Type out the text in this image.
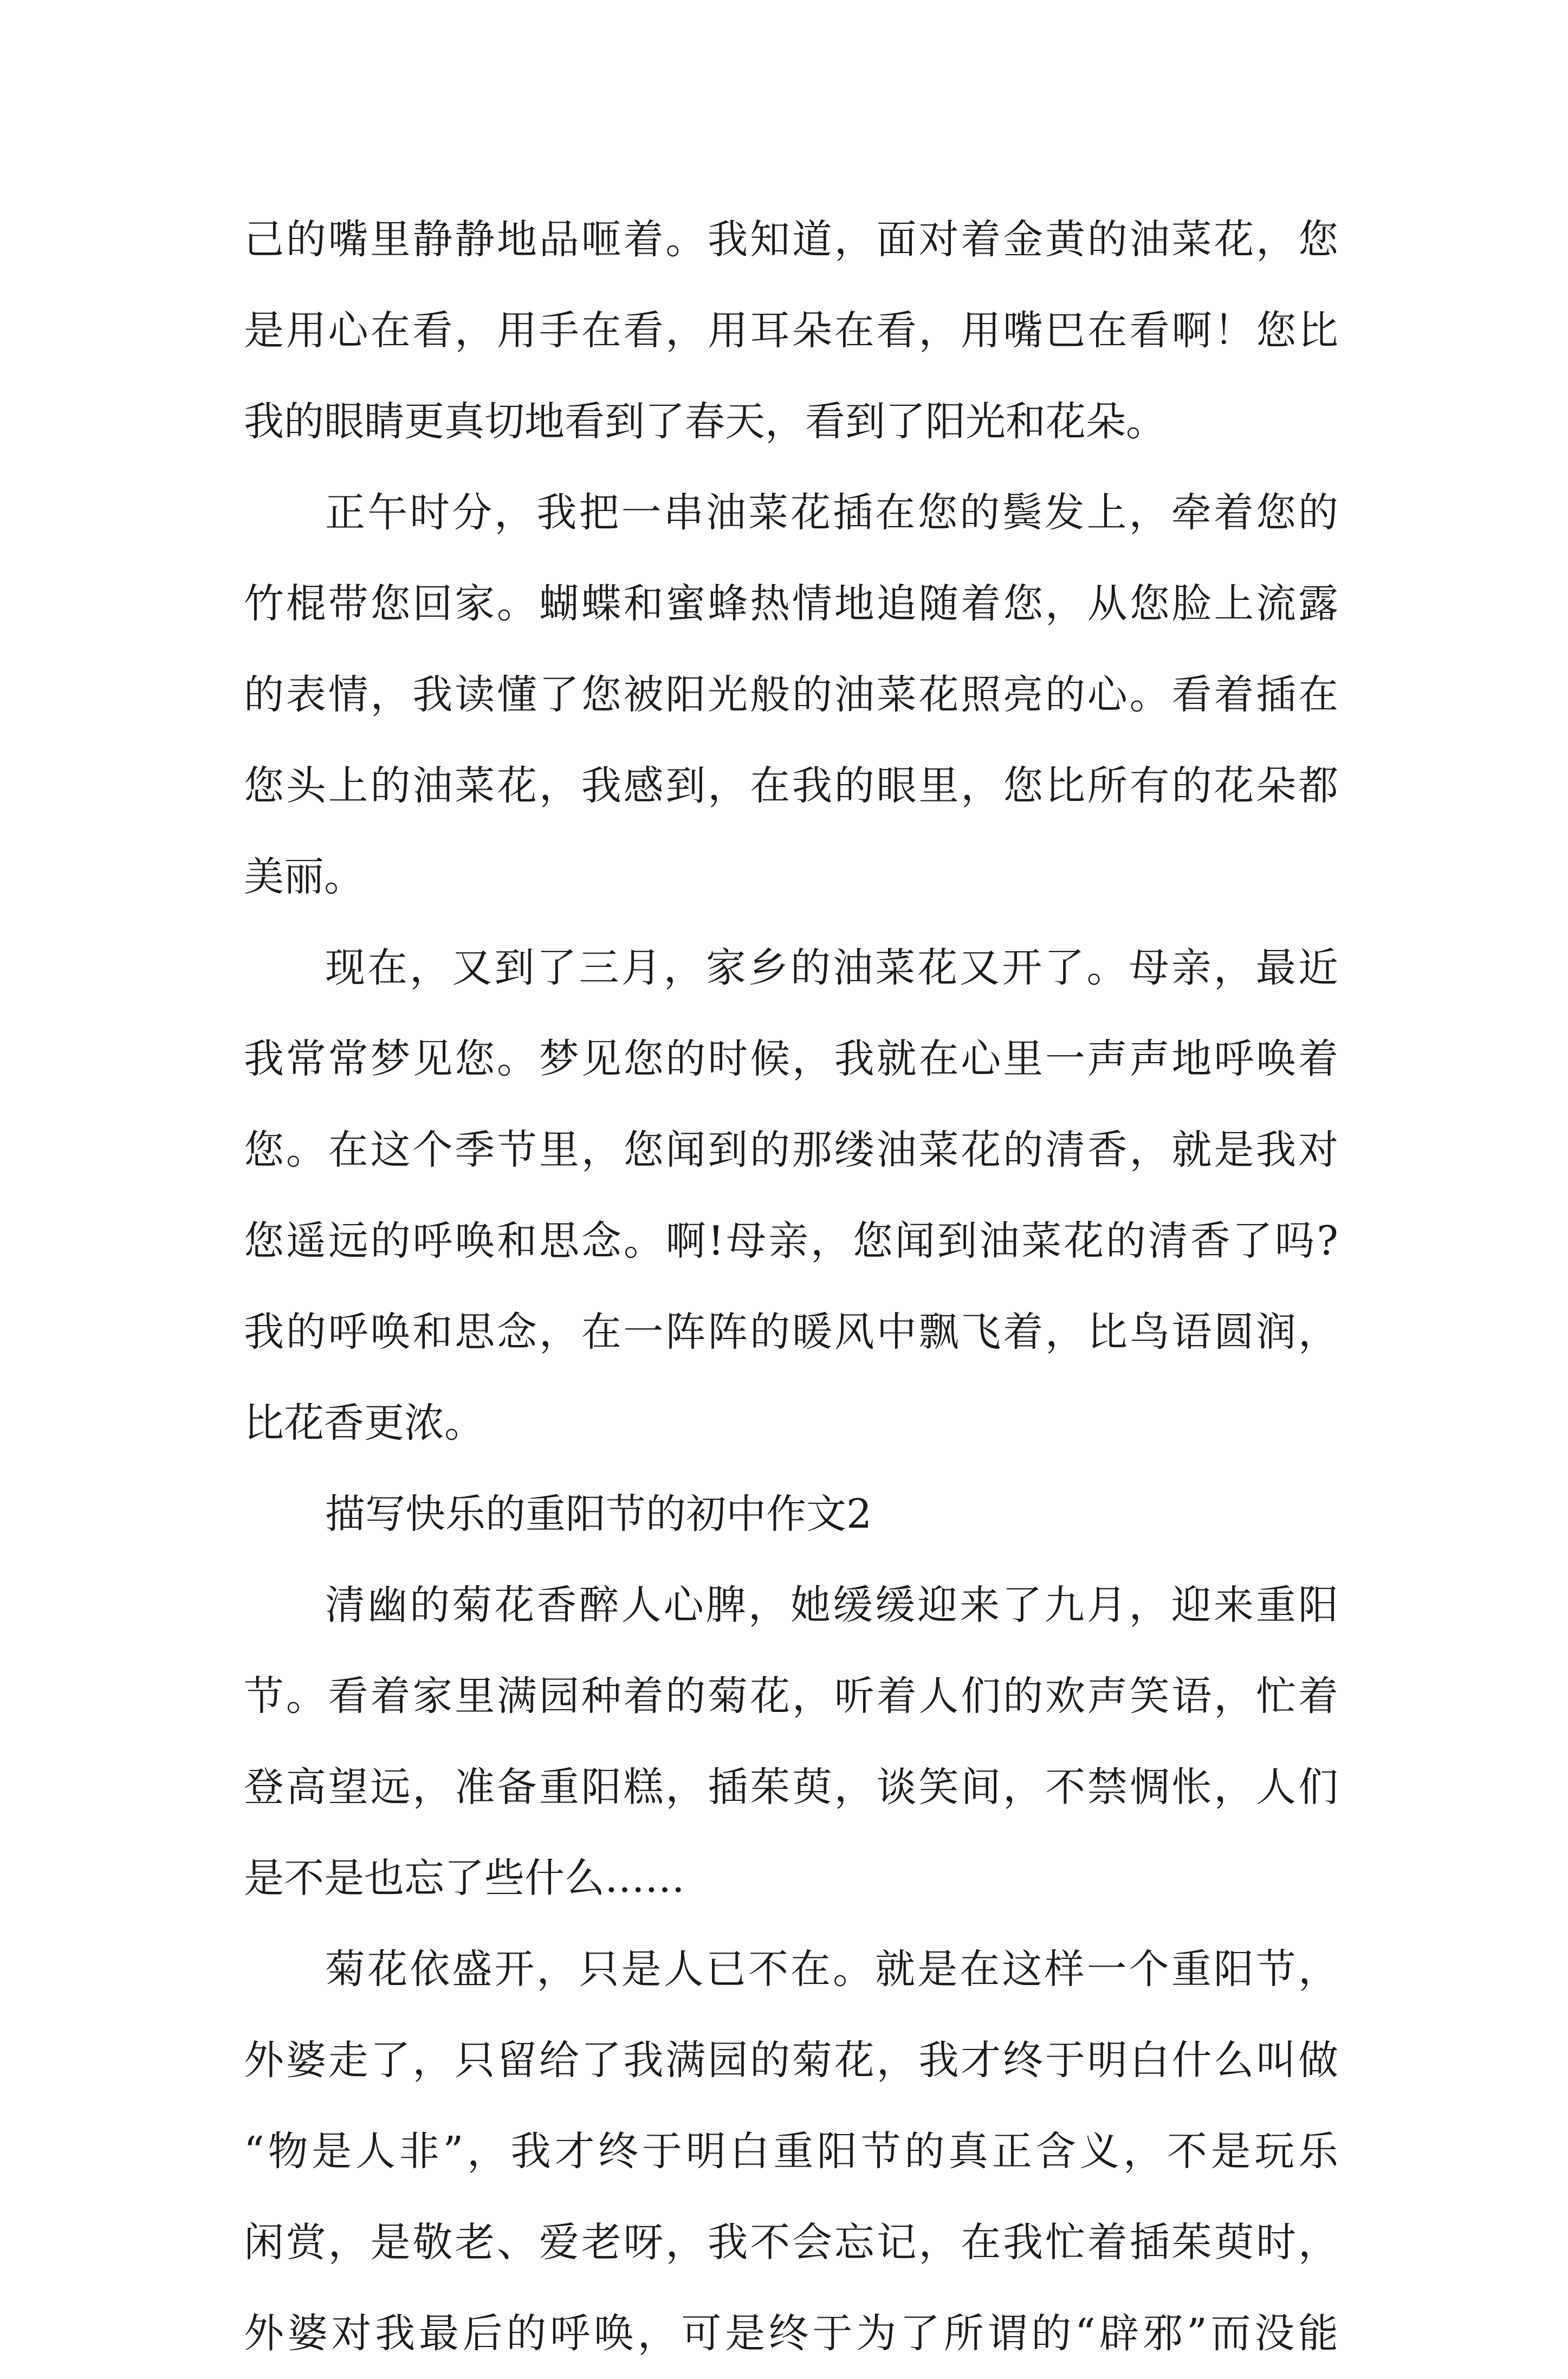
己的嘴里静静地品咂着。我知道，面对着金黄的油菜花，您
是用心在看，用手在看，用耳朵在看，用嘴巴在看啊！您比
我的眼睛更真切地看到了春天，看到了阳光和花朵。
正午时分，我把一串油菜花插在您的鬓发上，牵着您的
竹棍带您回家。蝴蝶和蜜蜂热情地追随着您，从您脸上流露
的表情，我读懂了您被阳光般的油菜花照亮的心。看着插在
您头上的油菜花，我感到，在我的眼里，您比所有的花朵都
美丽。
现在，又到了三月，家乡的油菜花又开了。母亲，最近
我常常梦见您。梦见您的时候，我就在心里一声声地呼唤着
您。在这个季节里，您闻到的那缕油菜花的清香，就是我对
您遥远的呼唤和思念。啊!母亲，您闻到油菜花的清香了吗?
我的呼唤和思念，在一阵阵的暖风中飘飞着，比鸟语圆润，
比花香更浓。
描写快乐的重阳节的初中作文2
清幽的菊花香醉人心脾，她缓缓迎来了九月，迎来重阳
节。看着家里满园种着的菊花，听着人们的欢声笑语，忙着
登高望远，准备重阳糕，插茱萸，谈笑间，不禁惆怅，人们
是不是也忘了些什么……
菊花依盛开，只是人已不在。就是在这样一个重阳节，
外婆走了，只留给了我满园的菊花，我才终于明白什么叫做
“物是人非”，我才终于明白重阳节的真正含义，不是玩乐
闲赏，是敬老、爱老呀，我不会忘记，在我忙着插茱萸时，
外婆对我最后的呼唤，可是终于为了所谓的“辟邪”而没能
